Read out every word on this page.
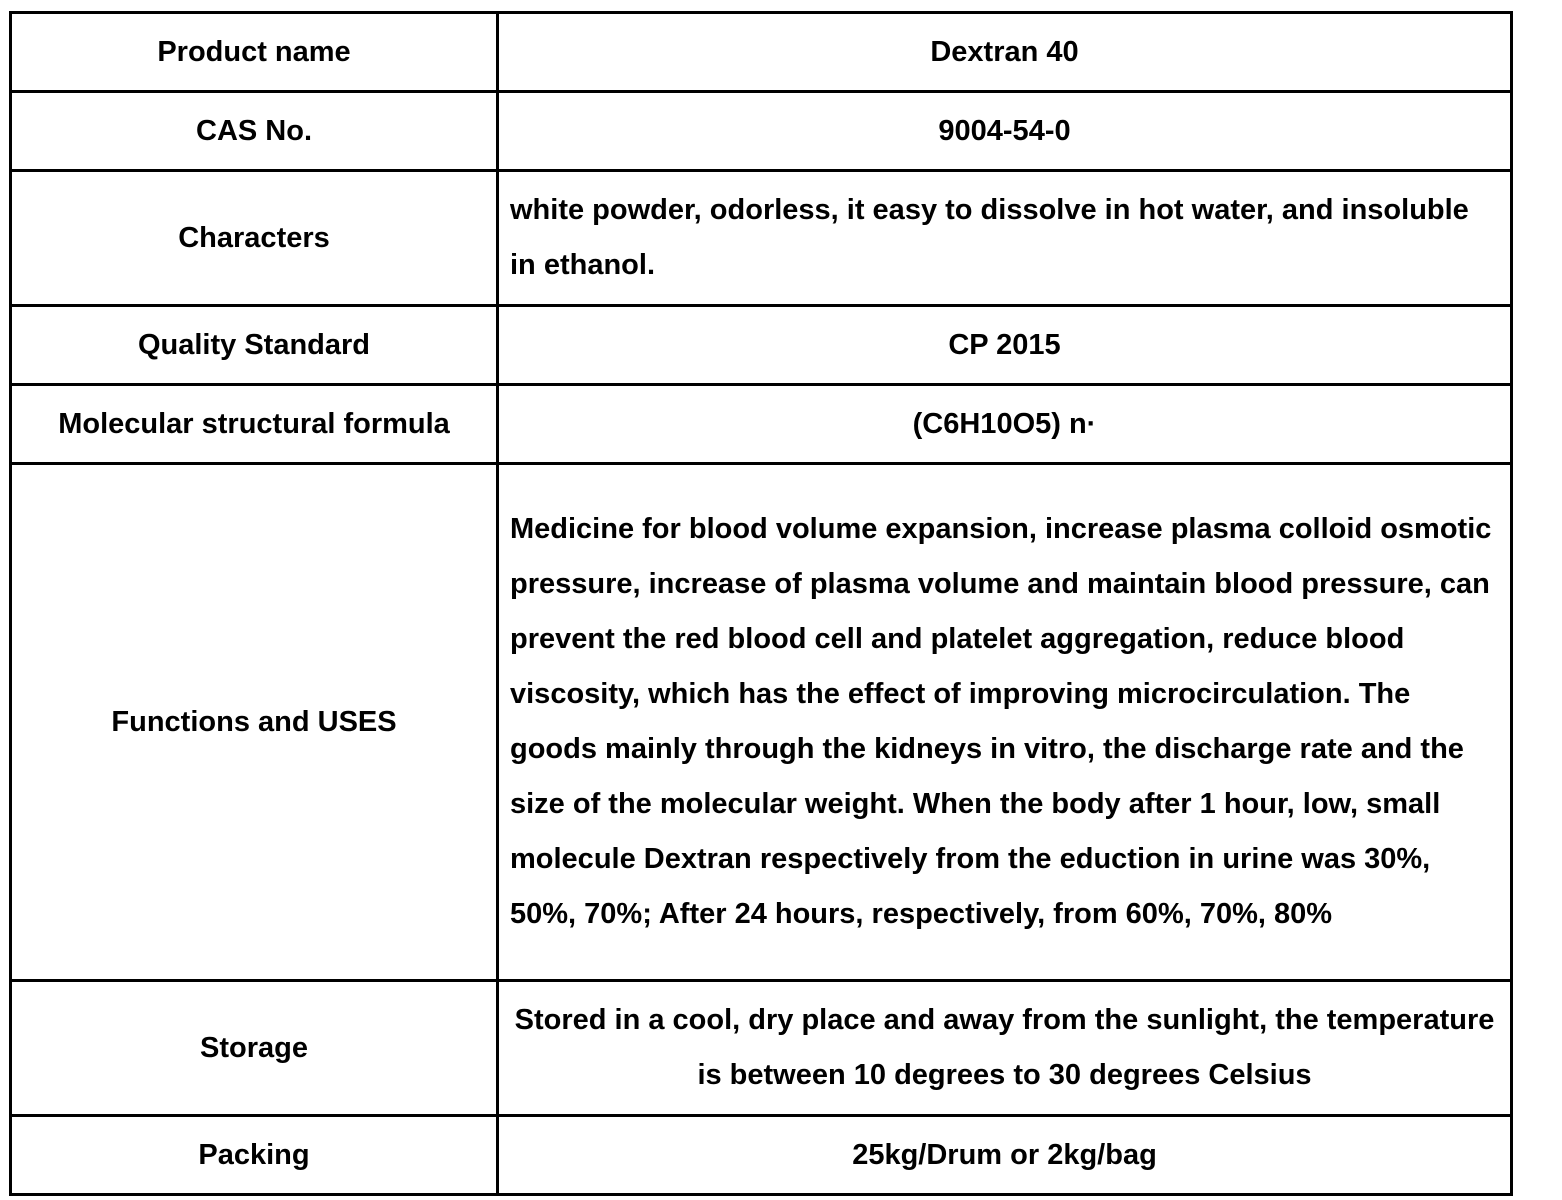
Product name	Dextran 40
CAS No.	9004-54-0
Characters	white powder, odorless, it easy to dissolve in hot water, and insoluble in ethanol.
Quality Standard	CP 2015
Molecular structural formula	(C6H10O5) n·
Functions and USES	Medicine for blood volume expansion, increase plasma colloid osmotic pressure, increase of plasma volume and maintain blood pressure, can prevent the red blood cell and platelet aggregation, reduce blood viscosity, which has the effect of improving microcirculation. The goods mainly through the kidneys in vitro, the discharge rate and the size of the molecular weight. When the body after 1 hour, low, small molecule Dextran respectively from the eduction in urine was 30%, 50%, 70%; After 24 hours, respectively, from 60%, 70%, 80%
Storage	Stored in a cool, dry place and away from the sunlight, the temperature is between 10 degrees to 30 degrees Celsius
Packing	25kg/Drum or 2kg/bag
